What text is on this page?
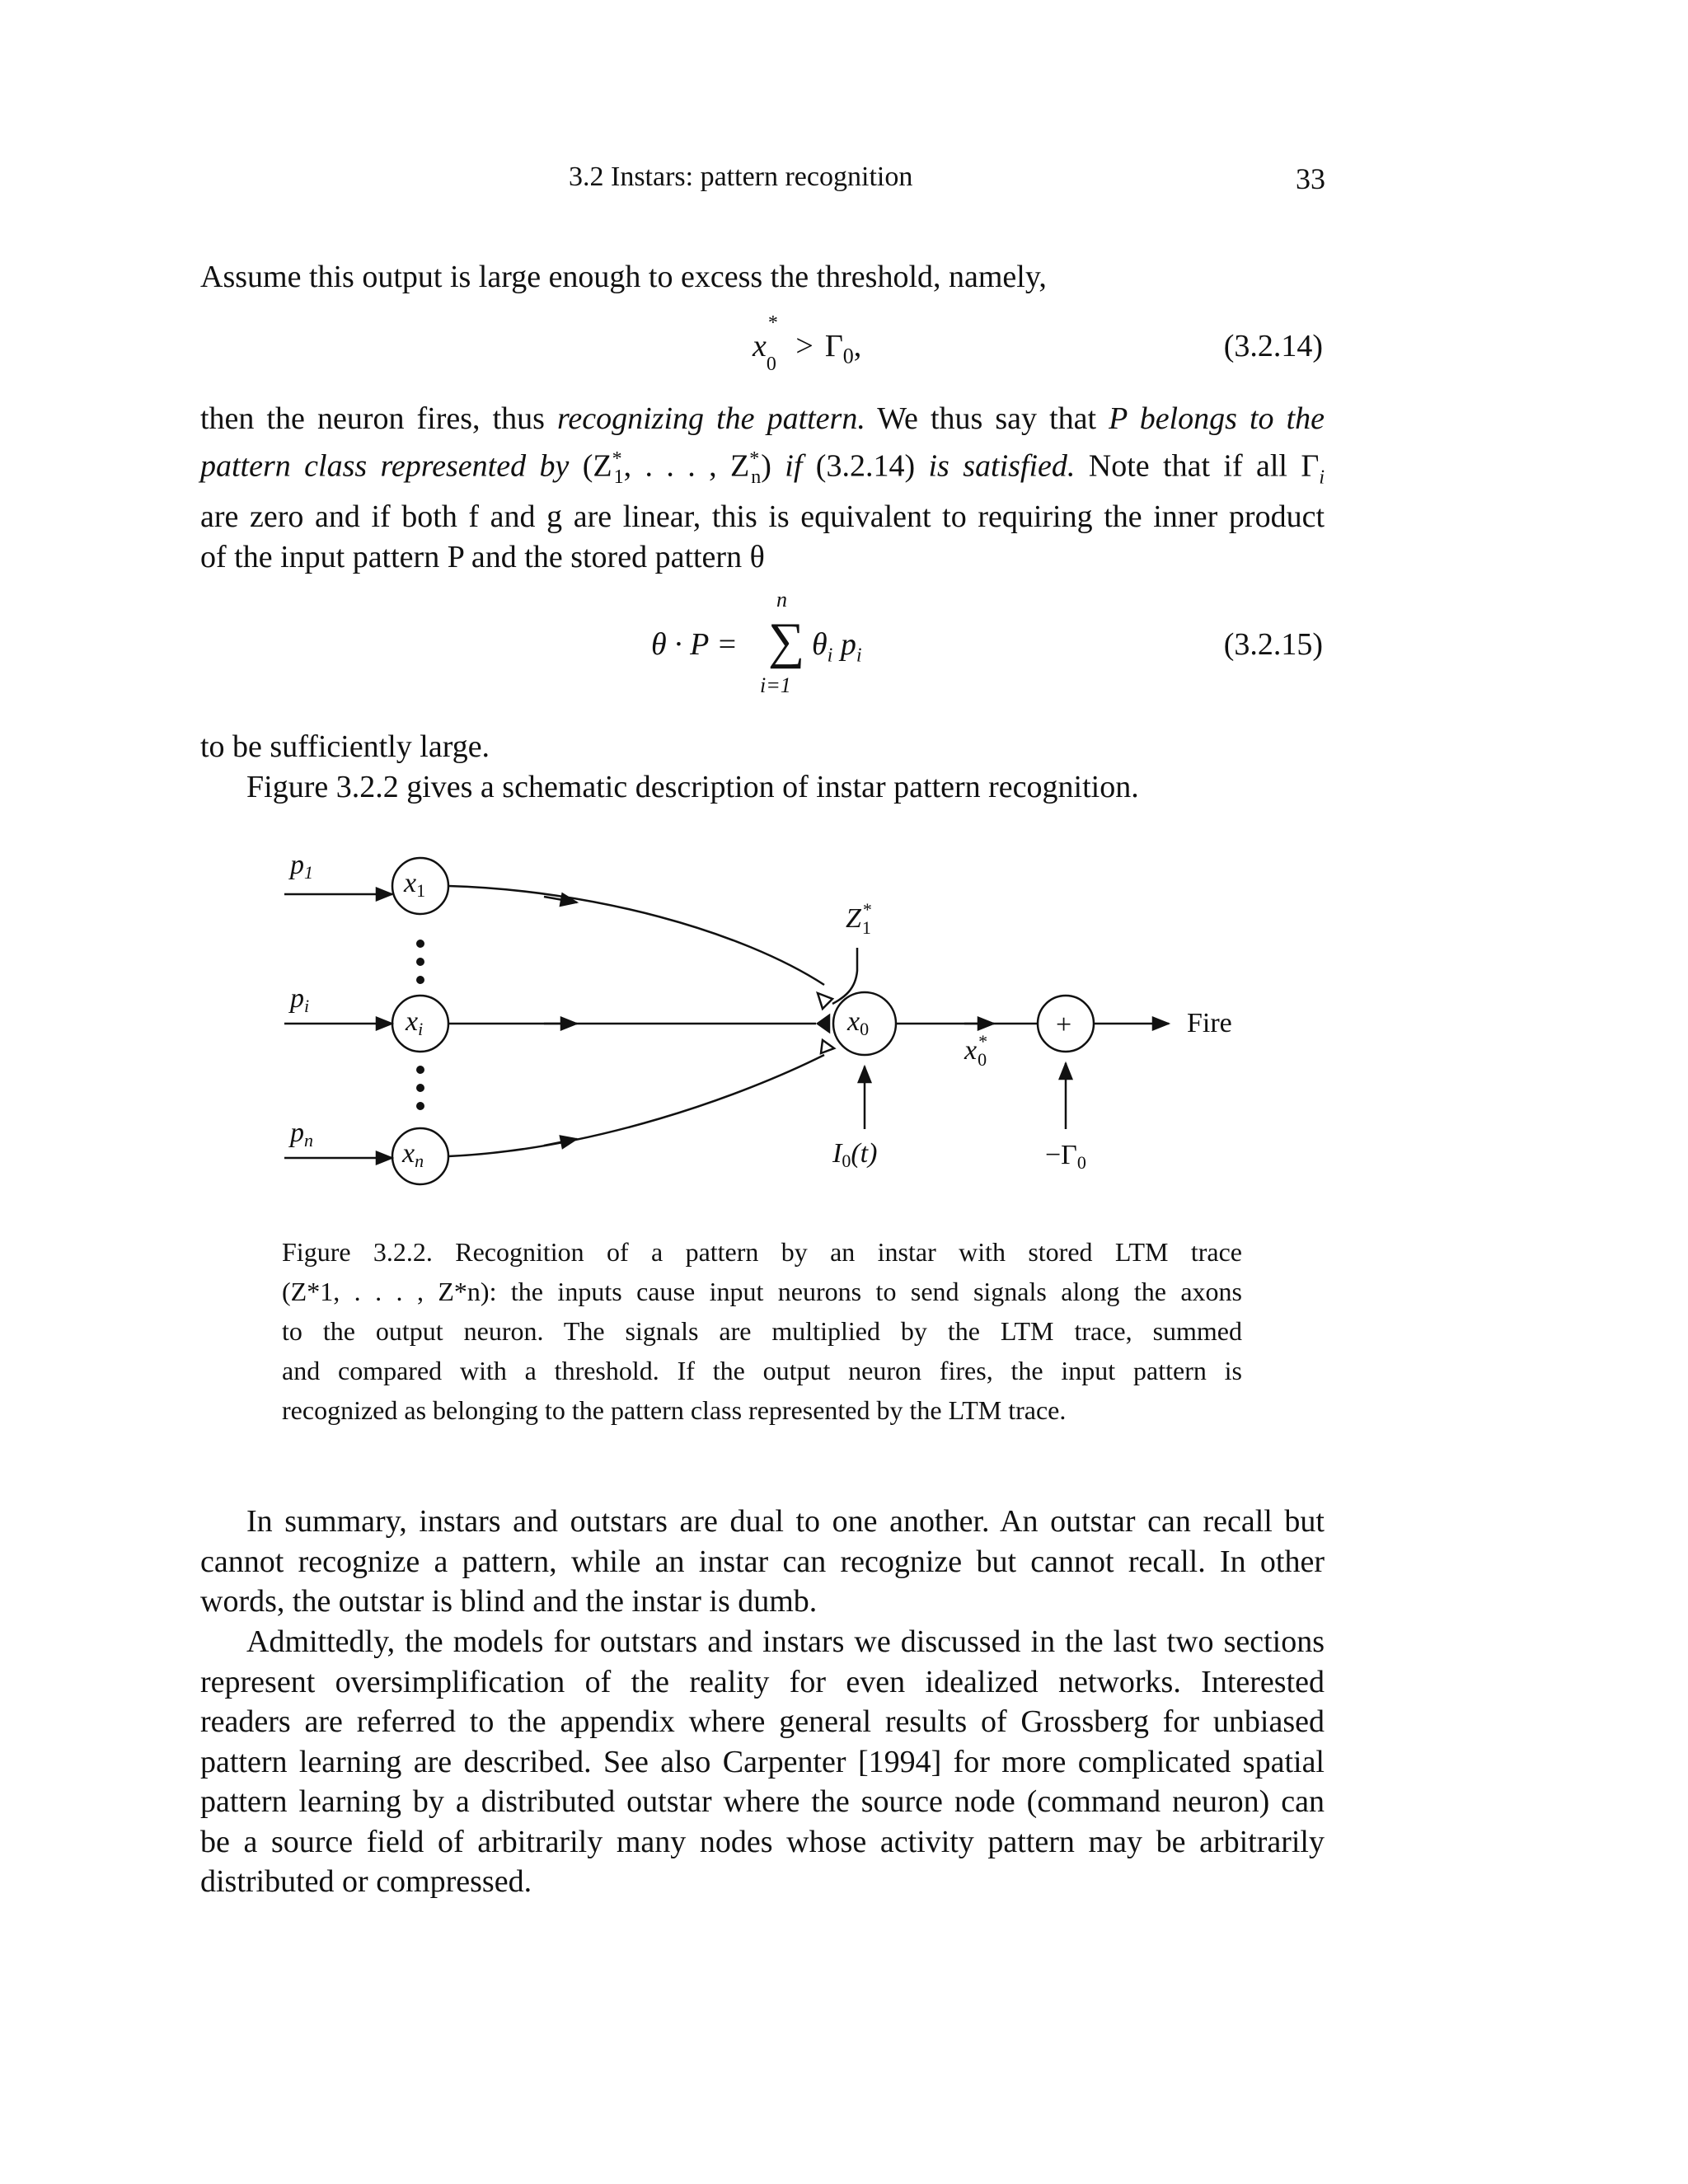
3.2 Instars: pattern recognition	33

Assume this output is large enough to excess the threshold, namely,

x
*
$_0 > \Gamma_0$,	(3.2.14)
then the neuron fires, thus recognizing the pattern. We thus say that P belongs to the
pattern class represented by ($Z^*_1$, . . . , $Z^*_n$) if (3.2.14) is satisfied. Note that if all $\Gamma_i$
are zero and if both f and g are linear, this is equivalent to requiring the inner product
of the input pattern P and the stored pattern θ
θ · P =
n
∑
i=1
$\theta_i$ $p_i$	(3.2.15)

to be sufficiently large.
Figure 3.2.2 gives a schematic description of instar pattern recognition.

p1
pi
pn
x1
xi
xn
x0
Z* 1
x* 0
I0(t)
+	Fire
−Γ0
Figure 3.2.2. Recognition of a pattern by an instar with stored LTM trace
(Z*1, . . . , Z*n): the inputs cause input neurons to send signals along the axons
to the output neuron. The signals are multiplied by the LTM trace, summed
and compared with a threshold. If the output neuron fires, the input pattern is
recognized as belonging to the pattern class represented by the LTM trace.
In summary, instars and outstars are dual to one another. An outstar can recall but
cannot recognize a pattern, while an instar can recognize but cannot recall. In other
words, the outstar is blind and the instar is dumb.
Admittedly, the models for outstars and instars we discussed in the last two sections
represent oversimplification of the reality for even idealized networks. Interested
readers are referred to the appendix where general results of Grossberg for unbiased
pattern learning are described. See also Carpenter [1994] for more complicated spatial
pattern learning by a distributed outstar where the source node (command neuron) can
be a source field of arbitrarily many nodes whose activity pattern may be arbitrarily
distributed or compressed.
